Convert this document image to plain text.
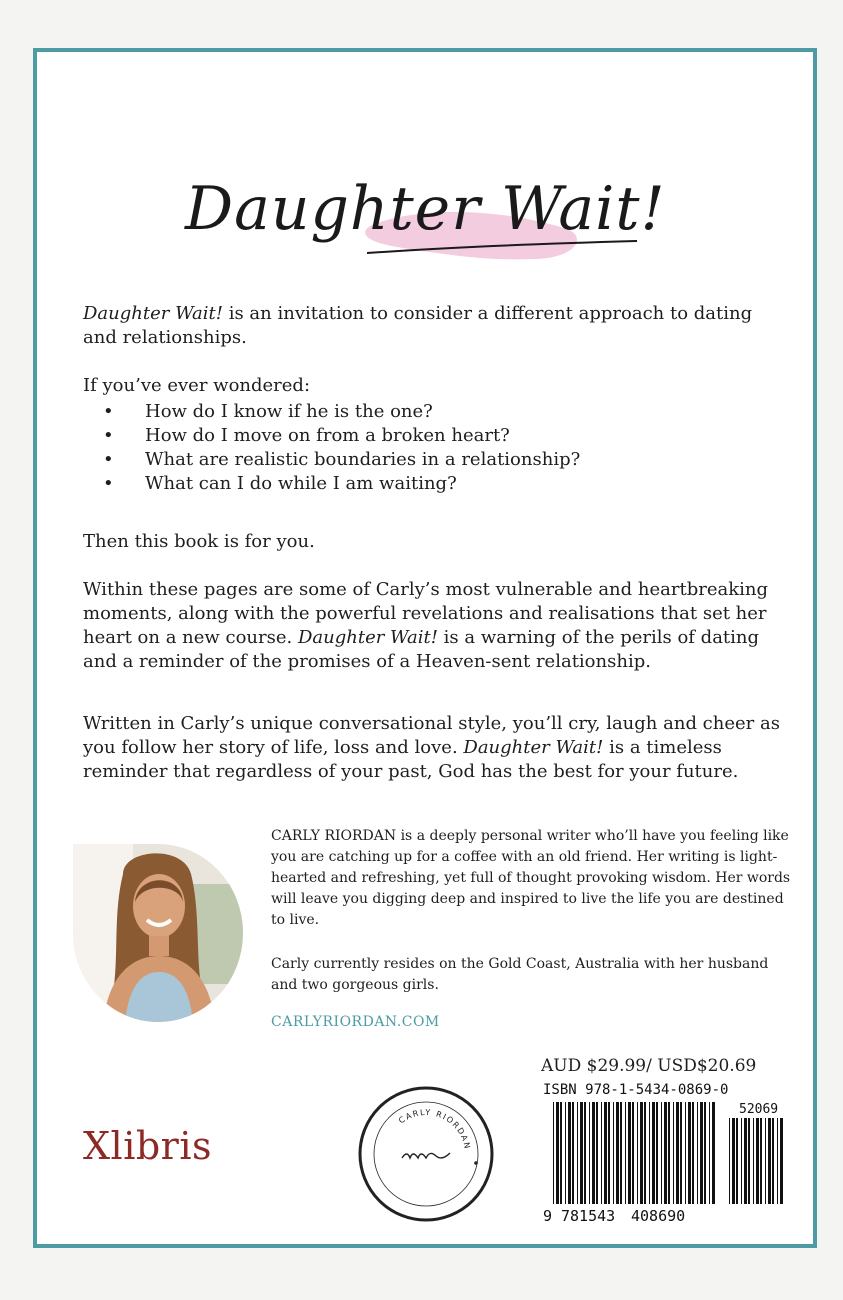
Daughter Wait!
Daughter Wait! is an invitation to consider a different approach to dating and relationships.
If you’ve ever wondered:
• How do I know if he is the one?
• How do I move on from a broken heart?
• What are realistic boundaries in a relationship?
• What can I do while I am waiting?
Then this book is for you.
Within these pages are some of Carly’s most vulnerable and heartbreaking moments, along with the powerful revelations and realisations that set her heart on a new course. Daughter Wait! is a warning of the perils of dating and a reminder of the promises of a Heaven-sent relationship.
Written in Carly’s unique conversational style, you’ll cry, laugh and cheer as you follow her story of life, loss and love. Daughter Wait! is a timeless reminder that regardless of your past, God has the best for your future.
CARLY RIORDAN is a deeply personal writer who’ll have you feeling like you are catching up for a coffee with an old friend. Her writing is light-hearted and refreshing, yet full of thought provoking wisdom. Her words will leave you digging deep and inspired to live the life you are destined to live.
Carly currently resides on the Gold Coast, Australia with her husband and two gorgeous girls.
CARLYRIORDAN.COM
Xlibris
CARLY RIORDAN
AUD $29.99/ USD$20.69
ISBN 978-1-5434-0869-0
52069
9 781543 408690
